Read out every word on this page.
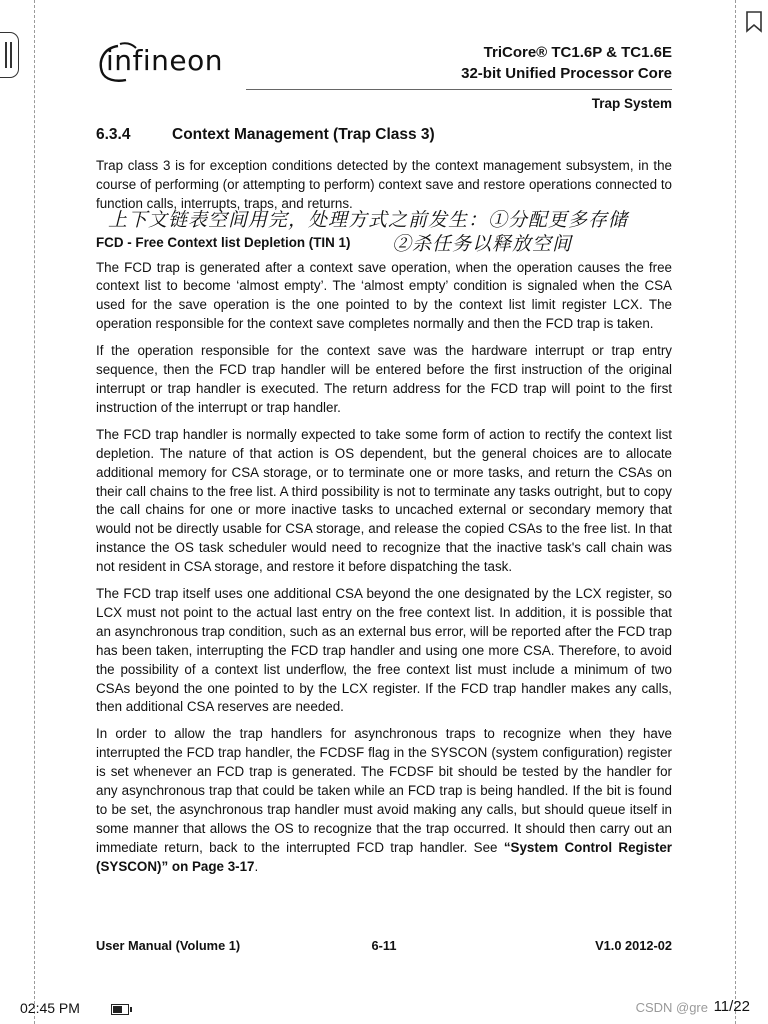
infineon	TriCore® TC1.6P & TC1.6E
32-bit Unified Processor Core
Trap System
6.3.4	Context Management (Trap Class 3)

Trap class 3 is for exception conditions detected by the context management subsystem, in the course of performing (or attempting to perform) context save and restore operations connected to function calls, interrupts, traps, and returns.

FCD - Free Context list Depletion (TIN 1)

The FCD trap is generated after a context save operation, when the operation causes the free context list to become ‘almost empty’. The ‘almost empty’ condition is signaled when the CSA used for the save operation is the one pointed to by the context list limit register LCX. The operation responsible for the context save completes normally and then the FCD trap is taken.

If the operation responsible for the context save was the hardware interrupt or trap entry sequence, then the FCD trap handler will be entered before the first instruction of the original interrupt or trap handler is executed. The return address for the FCD trap will point to the first instruction of the interrupt or trap handler.

The FCD trap handler is normally expected to take some form of action to rectify the context list depletion. The nature of that action is OS dependent, but the general choices are to allocate additional memory for CSA storage, or to terminate one or more tasks, and return the CSAs on their call chains to the free list. A third possibility is not to terminate any tasks outright, but to copy the call chains for one or more inactive tasks to uncached external or secondary memory that would not be directly usable for CSA storage, and release the copied CSAs to the free list. In that instance the OS task scheduler would need to recognize that the inactive task's call chain was not resident in CSA storage, and restore it before dispatching the task.

The FCD trap itself uses one additional CSA beyond the one designated by the LCX register, so LCX must not point to the actual last entry on the free context list. In addition, it is possible that an asynchronous trap condition, such as an external bus error, will be reported after the FCD trap has been taken, interrupting the FCD trap handler and using one more CSA. Therefore, to avoid the possibility of a context list underflow, the free context list must include a minimum of two CSAs beyond the one pointed to by the LCX register. If the FCD trap handler makes any calls, then additional CSA reserves are needed.

In order to allow the trap handlers for asynchronous traps to recognize when they have interrupted the FCD trap handler, the FCDSF flag in the SYSCON (system configuration) register is set whenever an FCD trap is generated. The FCDSF bit should be tested by the handler for any asynchronous trap that could be taken while an FCD trap is being handled. If the bit is found to be set, the asynchronous trap handler must avoid making any calls, but should queue itself in some manner that allows the OS to recognize that the trap occurred. It should then carry out an immediate return, back to the interrupted FCD trap handler. See “System Control Register (SYSCON)” on Page 3-17.

上下文链表空间用完，处理方式之前发生：①分配更多存储
②杀任务以释放空间
User Manual (Volume 1)	6-11	V1.0 2012-02
02:45 PM	CSDN @gre 11/22
